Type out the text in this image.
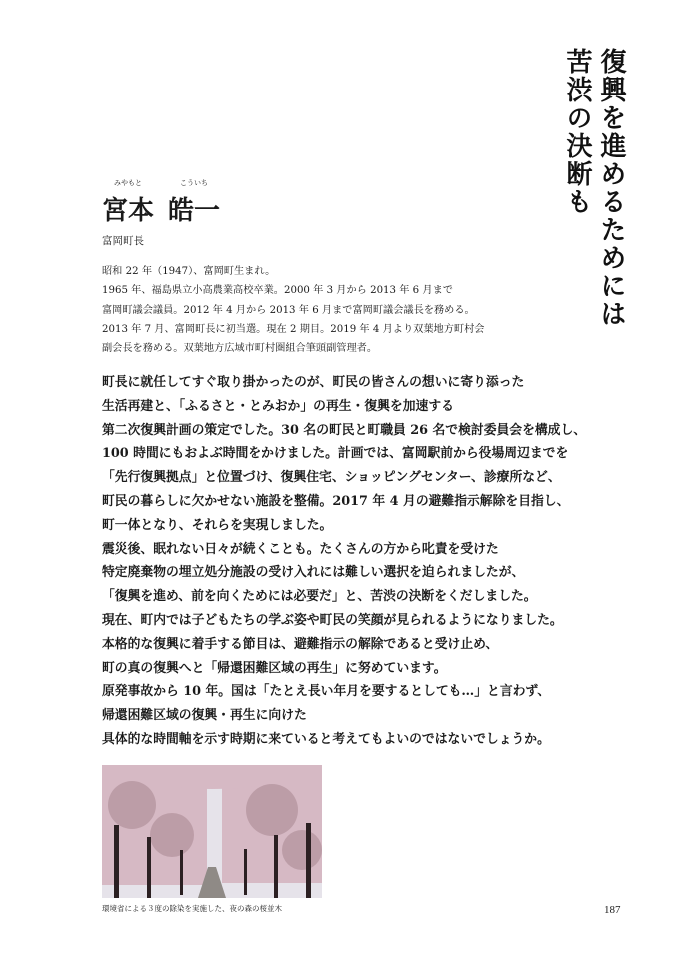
復興を進めるためには
苦渋の決断も
宮本
みやもと
皓一
こういち
富岡町長
昭和 22 年（1947）、富岡町生まれ。
1965 年、福島県立小高農業高校卒業。2000 年 3 月から 2013 年 6 月まで
富岡町議会議員。2012 年 4 月から 2013 年 6 月まで富岡町議会議長を務める。
2013 年 7 月、富岡町長に初当選。現在 2 期目。2019 年 4 月より双葉地方町村会
副会長を務める。双葉地方広域市町村圏組合筆頭副管理者。
町長に就任してすぐ取り掛かったのが、町民の皆さんの想いに寄り添った
生活再建と、「ふるさと・とみおか」の再生・復興を加速する
第二次復興計画の策定でした。30 名の町民と町職員 26 名で検討委員会を構成し、
100 時間にもおよぶ時間をかけました。計画では、富岡駅前から役場周辺までを
「先行復興拠点」と位置づけ、復興住宅、ショッピングセンター、診療所など、
町民の暮らしに欠かせない施設を整備。2017 年 4 月の避難指示解除を目指し、
町一体となり、それらを実現しました。
震災後、眠れない日々が続くことも。たくさんの方から叱責を受けた
特定廃棄物の埋立処分施設の受け入れには難しい選択を迫られましたが、
「復興を進め、前を向くためには必要だ」と、苦渋の決断をくだしました。
現在、町内では子どもたちの学ぶ姿や町民の笑顔が見られるようになりました。
本格的な復興に着手する節目は、避難指示の解除であると受け止め、
町の真の復興へと「帰還困難区域の再生」に努めています。
原発事故から 10 年。国は「たとえ長い年月を要するとしても…」と言わず、
帰還困難区域の復興・再生に向けた
具体的な時間軸を示す時期に来ていると考えてもよいのではないでしょうか。
環境省による３度の除染を実施した、夜の森の桜並木	187
